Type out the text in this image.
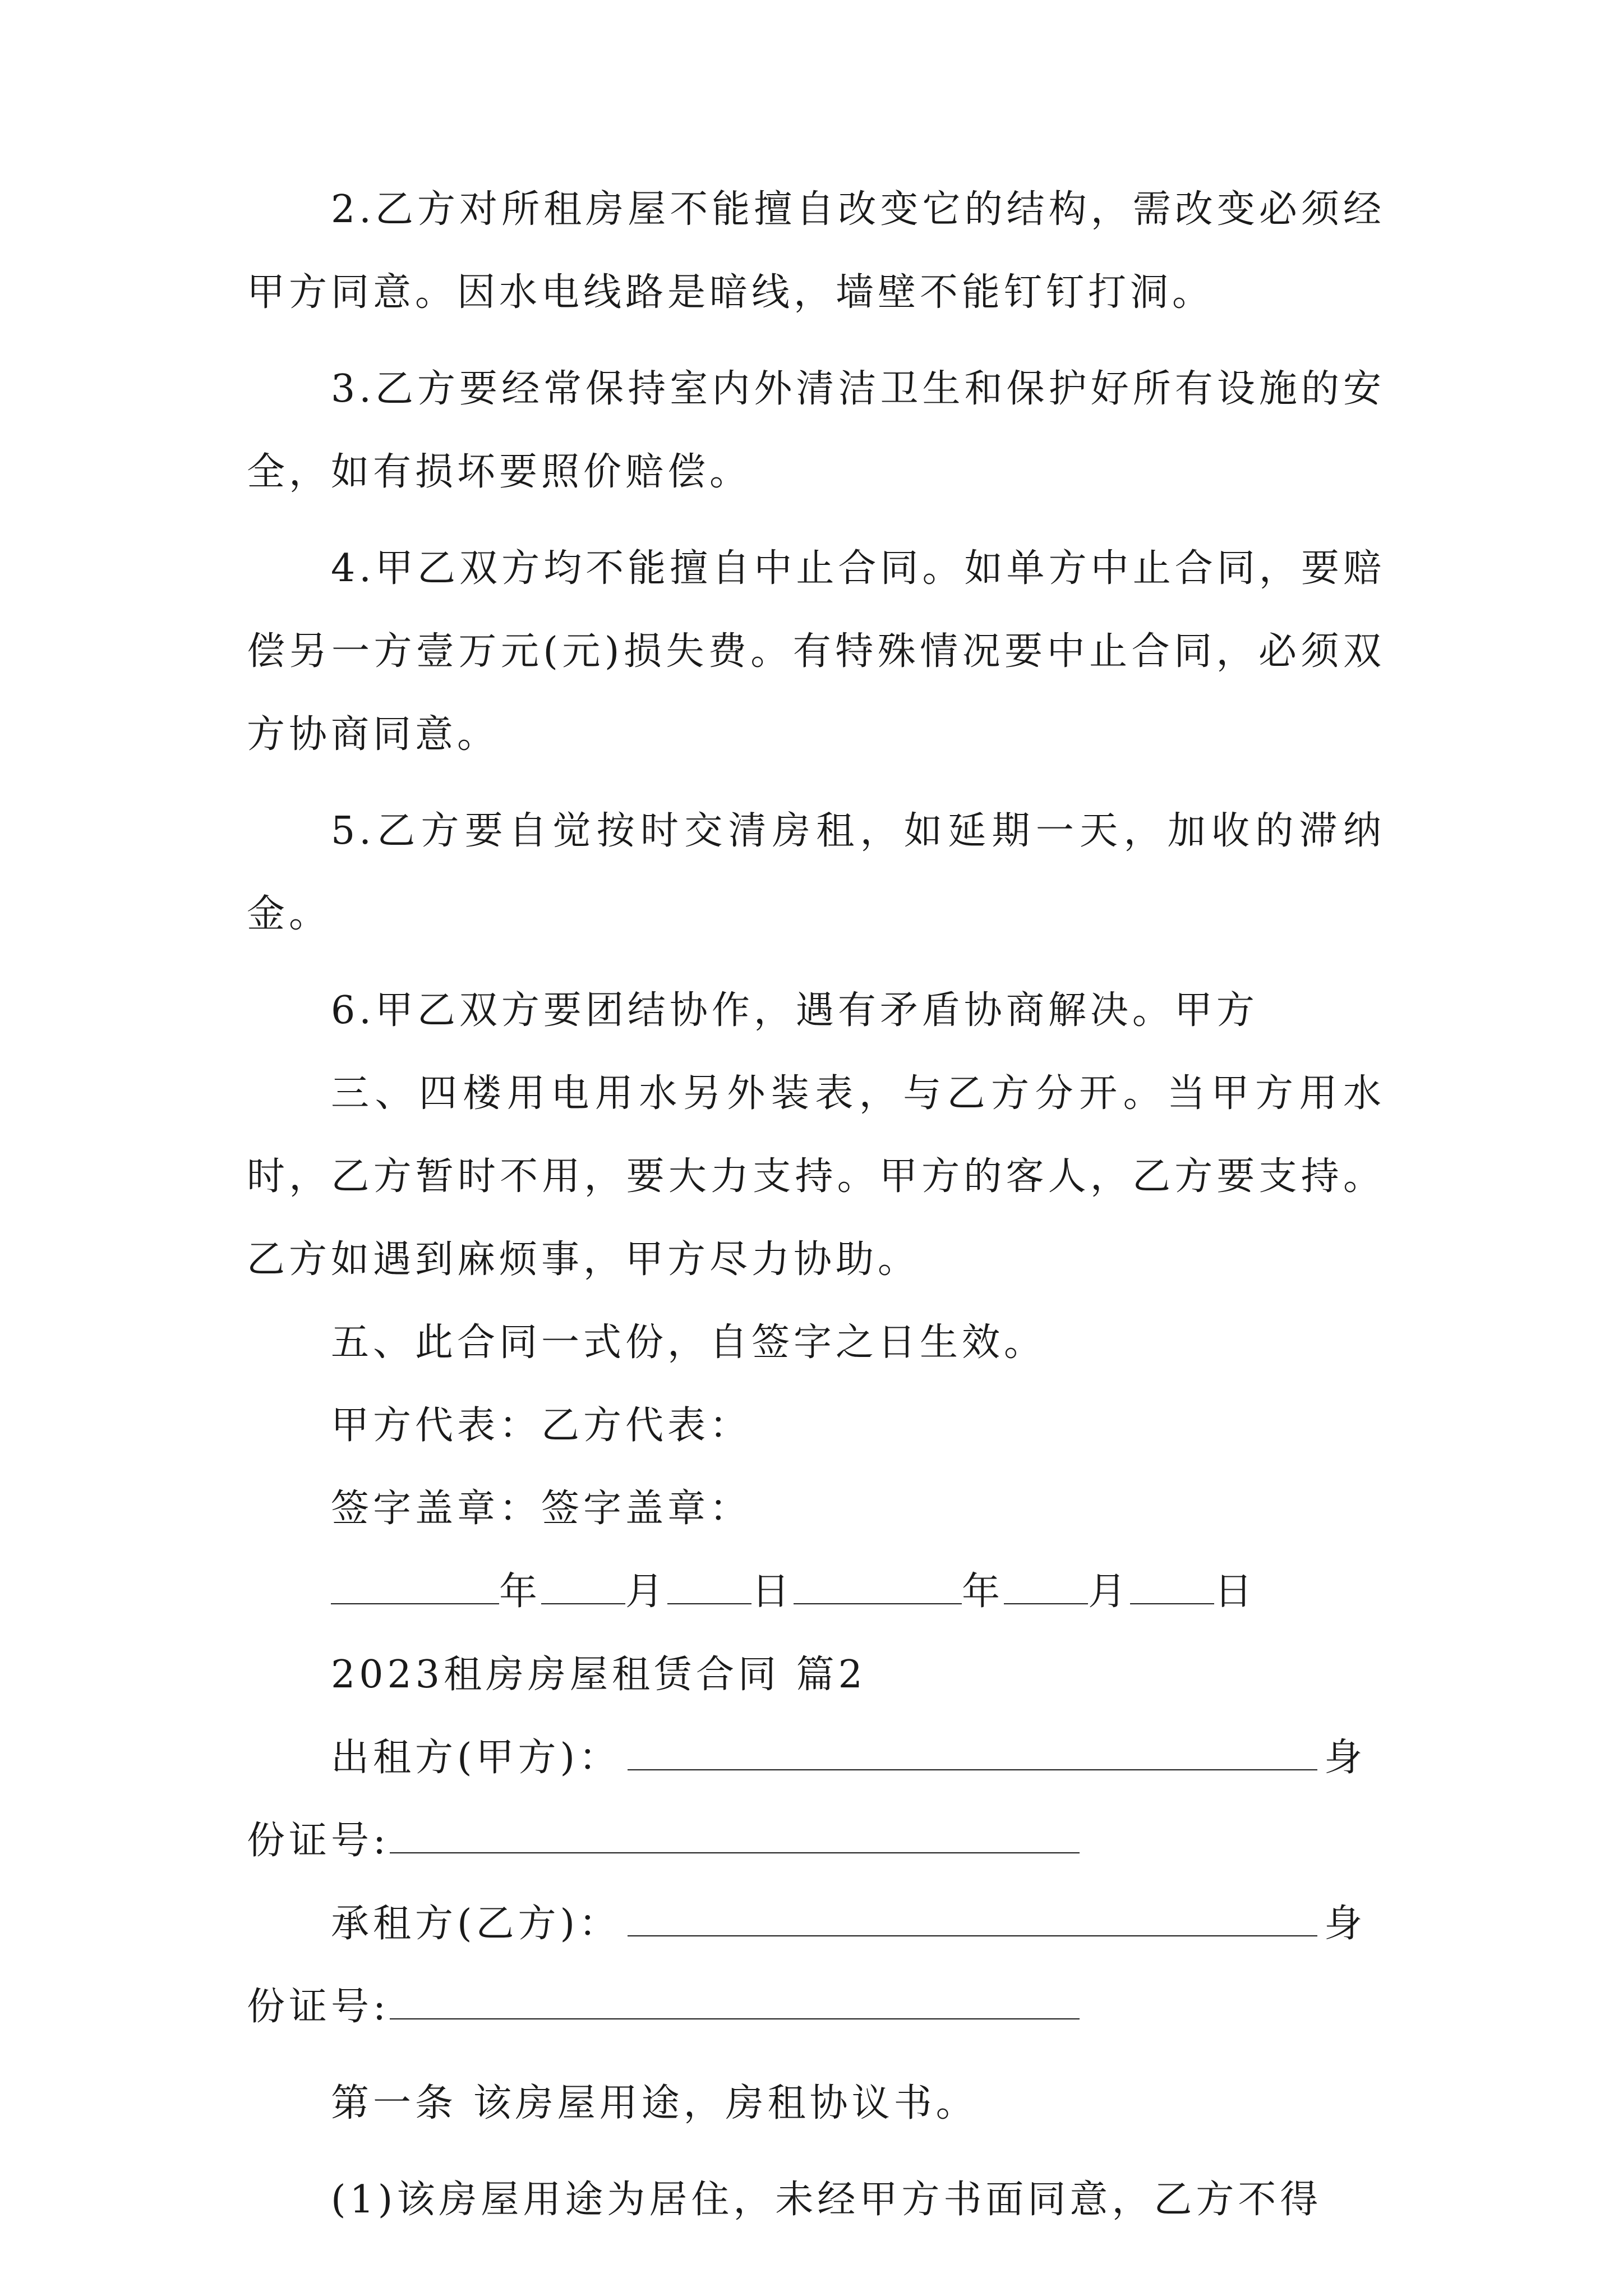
2.乙方对所租房屋不能擅自改变它的结构，需改变必须经甲方同意。因水电线路是暗线，墙壁不能钉钉打洞。

3.乙方要经常保持室内外清洁卫生和保护好所有设施的安全，如有损坏要照价赔偿。

4.甲乙双方均不能擅自中止合同。如单方中止合同，要赔偿另一方壹万元(元)损失费。有特殊情况要中止合同，必须双方协商同意。

5.乙方要自觉按时交清房租，如延期一天，加收的滞纳金。

6.甲乙双方要团结协作，遇有矛盾协商解决。甲方

三、四楼用电用水另外装表，与乙方分开。当甲方用水时，乙方暂时不用，要大力支持。甲方的客人，乙方要支持。乙方如遇到麻烦事，甲方尽力协助。

五、此合同一式份，自签字之日生效。

甲方代表：乙方代表：

签字盖章：签字盖章：

年 月 日	年 月 日

2023租房房屋租赁合同 篇2

出租方(甲方)：	身

份证号:

承租方(乙方)：	身

份证号:

第一条 该房屋用途，房租协议书。

(1)该房屋用途为居住，未经甲方书面同意，乙方不得
